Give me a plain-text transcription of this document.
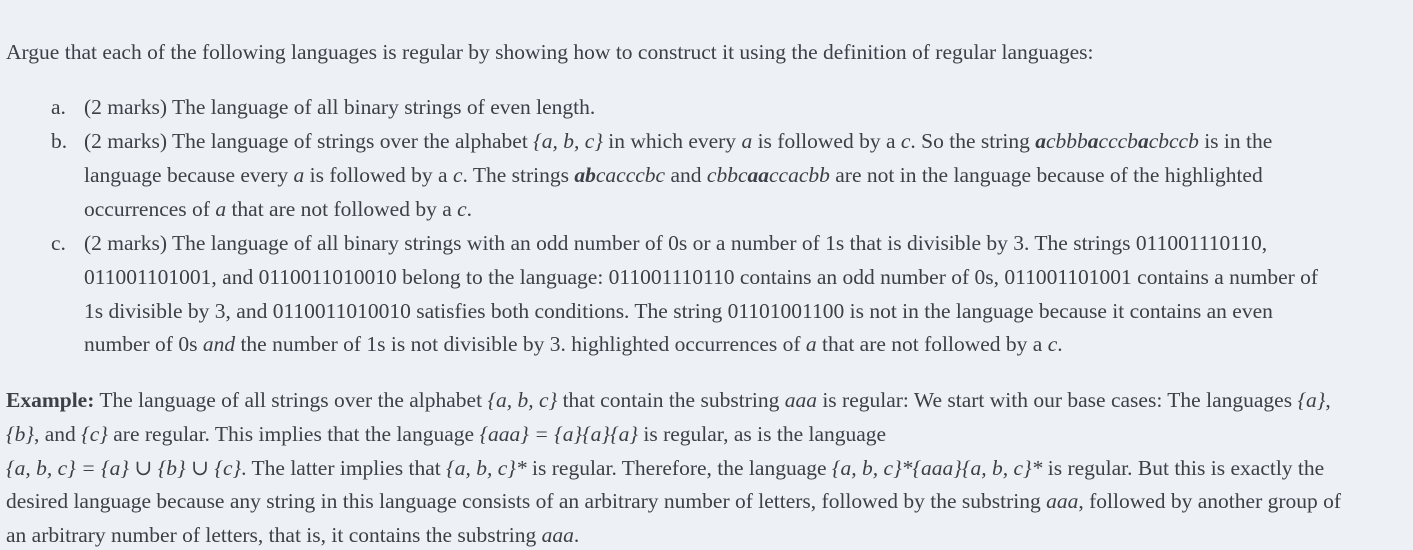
Argue that each of the following languages is regular by showing how to construct it using the definition of regular languages:

a. (2 marks) The language of all binary strings of even length.

b. (2 marks) The language of strings over the alphabet {a, b, c} in which every a is followed by a c. So the string acbbbacccbacbccb is in the language because every a is followed by a c. The strings abcacccbc and cbbcaaccacbb are not in the language because of the highlighted occurrences of a that are not followed by a c.

c. (2 marks) The language of all binary strings with an odd number of 0s or a number of 1s that is divisible by 3. The strings 011001110110, 011001101001, and 0110011010010 belong to the language: 011001110110 contains an odd number of 0s, 011001101001 contains a number of 1s divisible by 3, and 0110011010010 satisfies both conditions. The string 01101001100 is not in the language because it contains an even number of 0s and the number of 1s is not divisible by 3. highlighted occurrences of a that are not followed by a c.

Example: The language of all strings over the alphabet {a, b, c} that contain the substring aaa is regular: We start with our base cases: The languages {a}, {b}, and {c} are regular. This implies that the language {aaa} = {a}{a}{a} is regular, as is the language
{a, b, c} = {a} ∪ {b} ∪ {c}. The latter implies that {a, b, c}* is regular. Therefore, the language {a, b, c}*{aaa}{a, b, c}* is regular. But this is exactly the desired language because any string in this language consists of an arbitrary number of letters, followed by the substring aaa, followed by another group of an arbitrary number of letters, that is, it contains the substring aaa.
